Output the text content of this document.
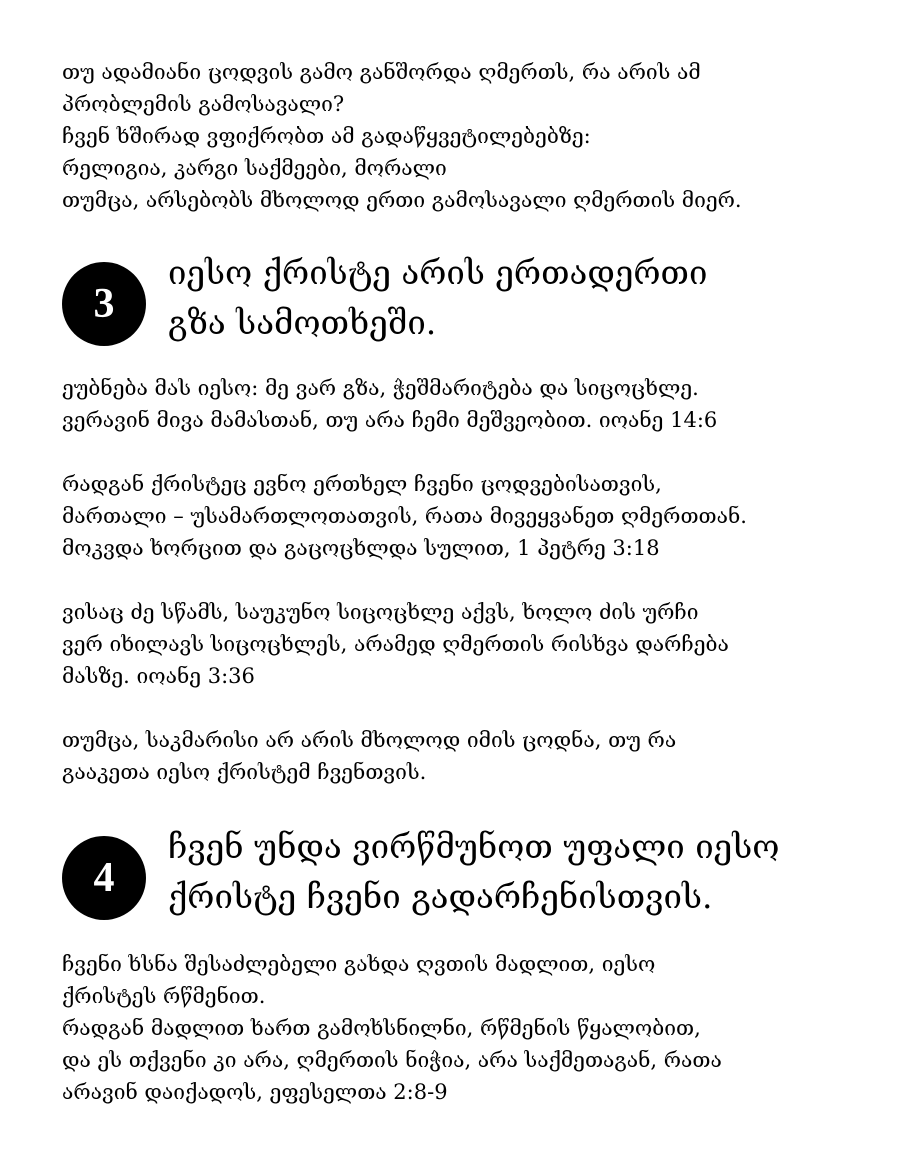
თუ ადამიანი ცოდვის გამო განშორდა ღმერთს, რა არის ამ
პრობლემის გამოსავალი?
ჩვენ ხშირად ვფიქრობთ ამ გადაწყვეტილებებზე:
რელიგია, კარგი საქმეები, მორალი
თუმცა, არსებობს მხოლოდ ერთი გამოსავალი ღმერთის მიერ.

3
იესო ქრისტე არის ერთადერთი
გზა სამოთხეში.

ეუბნება მას იესო: მე ვარ გზა, ჭეშმარიტება და სიცოცხლე.
ვერავინ მივა მამასთან, თუ არა ჩემი მეშვეობით. იოანე 14:6

რადგან ქრისტეც ევნო ერთხელ ჩვენი ცოდვებისათვის,
მართალი – უსამართლოთათვის, რათა მივეყვანეთ ღმერთთან.
მოკვდა ხორცით და გაცოცხლდა სულით, 1 პეტრე 3:18

ვისაც ძე სწამს, საუკუნო სიცოცხლე აქვს, ხოლო ძის ურჩი
ვერ იხილავს სიცოცხლეს, არამედ ღმერთის რისხვა დარჩება
მასზე. იოანე 3:36

თუმცა, საკმარისი არ არის მხოლოდ იმის ცოდნა, თუ რა
გააკეთა იესო ქრისტემ ჩვენთვის.

4
ჩვენ უნდა ვირწმუნოთ უფალი იესო
ქრისტე ჩვენი გადარჩენისთვის.

ჩვენი ხსნა შესაძლებელი გახდა ღვთის მადლით, იესო
ქრისტეს რწმენით.
რადგან მადლით ხართ გამოხსნილნი, რწმენის წყალობით,
და ეს თქვენი კი არა, ღმერთის ნიჭია, არა საქმეთაგან, რათა
არავინ დაიქადოს, ეფესელთა 2:8-9
